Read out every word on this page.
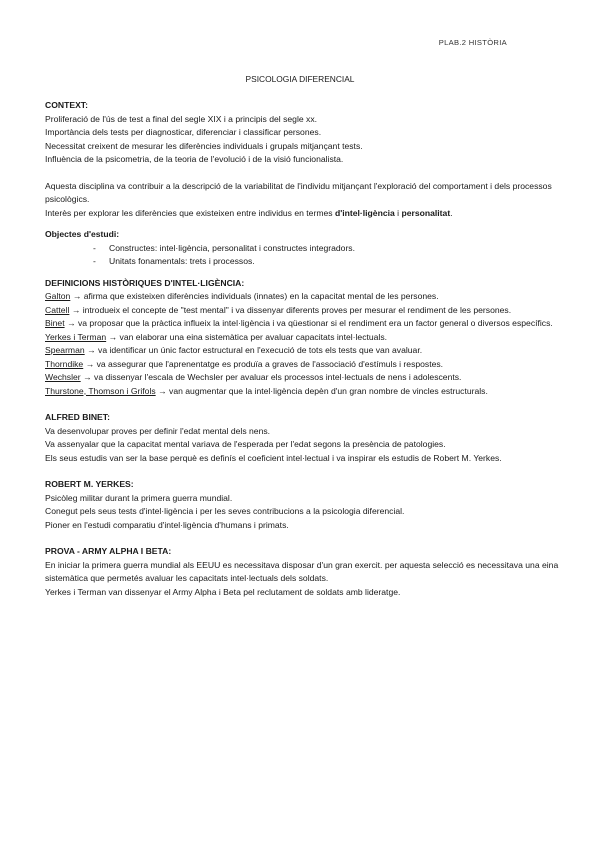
PLAB.2 HISTÒRIA
PSICOLOGIA DIFERENCIAL

CONTEXT:

Proliferació de l'ús de test a final del segle XIX i a principis del segle xx.

Importància dels tests per diagnosticar, diferenciar i classificar persones.

Necessitat creixent de mesurar les diferències individuals i grupals mitjançant tests.

Influència de la psicometria, de la teoria de l'evolució i de la visió funcionalista.

Aquesta disciplina va contribuir a la descripció de la variabilitat de l'individu mitjançant l'exploració del comportament i dels processos psicològics.

Interès per explorar les diferències que existeixen entre individus en termes d'intel·ligència i personalitat.

Objectes d'estudi:

- Constructes: intel·ligència, personalitat i constructes integradors.
- Unitats fonamentals: trets i processos.

DEFINICIONS HISTÒRIQUES D'INTEL·LIGÈNCIA:

Galton → afirma que existeixen diferències individuals (innates) en la capacitat mental de les persones.

Cattell → introdueix el concepte de "test mental" i va dissenyar diferents proves per mesurar el rendiment de les persones.

Binet → va proposar que la pràctica influeix la intel·ligència i va qüestionar si el rendiment era un factor general o diversos específics.

Yerkes i Terman → van elaborar una eina sistemàtica per avaluar capacitats intel·lectuals.

Spearman → va identificar un únic factor estructural en l'execució de tots els tests que van avaluar.

Thorndike → va assegurar que l'aprenentatge es produïa a graves de l'associació d'estímuls i respostes.

Wechsler → va dissenyar l'escala de Wechsler per avaluar els processos intel·lectuals de nens i adolescents.

Thurstone, Thomson i Grifols → van augmentar que la intel·ligència depèn d'un gran nombre de vincles estructurals.

ALFRED BINET:

Va desenvolupar proves per definir l'edat mental dels nens.

Va assenyalar que la capacitat mental variava de l'esperada per l'edat segons la presència de patologies.

Els seus estudis van ser la base perquè es definís el coeficient intel·lectual i va inspirar els estudis de Robert M. Yerkes.

ROBERT M. YERKES:

Psicòleg militar durant la primera guerra mundial.

Conegut pels seus tests d'intel·ligència i per les seves contribucions a la psicologia diferencial.

Pioner en l'estudi comparatiu d'intel·ligència d'humans i primats.

PROVA - ARMY ALPHA I BETA:

En iniciar la primera guerra mundial als EEUU es necessitava disposar d'un gran exercit. per aquesta selecció es necessitava una eina sistemàtica que permetés avaluar les capacitats intel·lectuals dels soldats.

Yerkes i Terman van dissenyar el Army Alpha i Beta pel reclutament de soldats amb lideratge.
